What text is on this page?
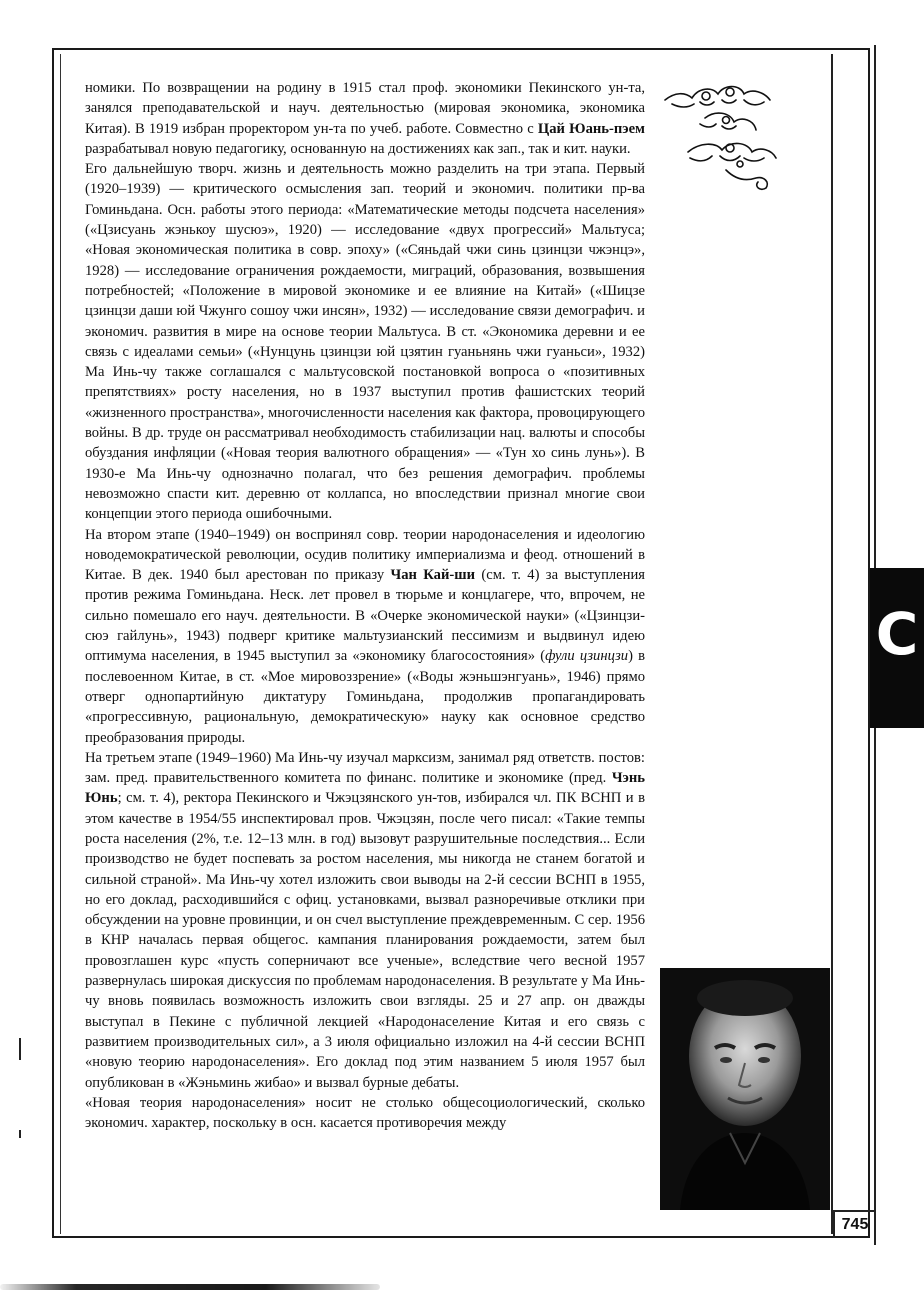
номики. По возвращении на родину в 1915 стал проф. экономики Пекинского ун-та, занялся преподавательской и науч. деятельностью (мировая экономика, экономика Китая). В 1919 избран проректором ун-та по учеб. работе. Совместно с Цай Юань-пэем разрабатывал новую педагогику, основанную на достижениях как зап., так и кит. науки.

Его дальнейшую творч. жизнь и деятельность можно разделить на три этапа. Первый (1920–1939) — критического осмысления зап. теорий и экономич. политики пр-ва Гоминьдана. Осн. работы этого периода: «Математические методы подсчета населения» («Цзисуань жэнькоу шусюэ», 1920) — исследование «двух прогрессий» Мальтуса; «Новая экономическая политика в совр. эпоху» («Сяньдай чжи синь цзинцзи чжэнцэ», 1928) — исследование ограничения рождаемости, миграций, образования, возвышения потребностей; «Положение в мировой экономике и ее влияние на Китай» («Шицзе цзинцзи даши юй Чжунго сошоу чжи инсян», 1932) — исследование связи демографич. и экономич. развития в мире на основе теории Мальтуса. В ст. «Экономика деревни и ее связь с идеалами семьи» («Нунцунь цзинцзи юй цзятин гуаньнянь чжи гуаньси», 1932) Ма Инь-чу также соглашался с мальтусовской постановкой вопроса о «позитивных препятствиях» росту населения, но в 1937 выступил против фашистских теорий «жизненного пространства», многочисленности населения как фактора, провоцирующего войны. В др. труде он рассматривал необходимость стабилизации нац. валюты и способы обуздания инфляции («Новая теория валютного обращения» — «Тун хо синь лунь»). В 1930-е Ма Инь-чу однозначно полагал, что без решения демографич. проблемы невозможно спасти кит. деревню от коллапса, но впоследствии признал многие свои концепции этого периода ошибочными.

На втором этапе (1940–1949) он воспринял совр. теории народонаселения и идеологию новодемократической революции, осудив политику империализма и феод. отношений в Китае. В дек. 1940 был арестован по приказу Чан Кай-ши (см. т. 4) за выступления против режима Гоминьдана. Неск. лет провел в тюрьме и концлагере, что, впрочем, не сильно помешало его науч. деятельности. В «Очерке экономической науки» («Цзинцзи-сюэ гайлунь», 1943) подверг критике мальтузианский пессимизм и выдвинул идею оптимума населения, в 1945 выступил за «экономику благосостояния» (фули цзинцзи) в послевоенном Китае, в ст. «Мое мировоззрение» («Воды жэньшэнгуань», 1946) прямо отверг однопартийную диктатуру Гоминьдана, продолжив пропагандировать «прогрессивную, рациональную, демократическую» науку как основное средство преобразования природы.

На третьем этапе (1949–1960) Ма Инь-чу изучал марксизм, занимал ряд ответств. постов: зам. пред. правительственного комитета по финанс. политике и экономике (пред. Чэнь Юнь; см. т. 4), ректора Пекинского и Чжэцзянского ун-тов, избирался чл. ПК ВСНП и в этом качестве в 1954/55 инспектировал пров. Чжэцзян, после чего писал: «Такие темпы роста населения (2%, т.е. 12–13 млн. в год) вызовут разрушительные последствия... Если производство не будет поспевать за ростом населения, мы никогда не станем богатой и сильной страной». Ма Инь-чу хотел изложить свои выводы на 2-й сессии ВСНП в 1955, но его доклад, расходившийся с офиц. установками, вызвал разноречивые отклики при обсуждении на уровне провинции, и он счел выступление преждевременным. С сер. 1956 в КНР началась первая общегос. кампания планирования рождаемости, затем был провозглашен курс «пусть соперничают все ученые», вследствие чего весной 1957 развернулась широкая дискуссия по проблемам народонаселения. В результате у Ма Инь-чу вновь появилась возможность изложить свои взгляды. 25 и 27 апр. он дважды выступал в Пекине с публичной лекцией «Народонаселение Китая и его связь с развитием производительных сил», а 3 июля официально изложил на 4-й сессии ВСНП «новую теорию народонаселения». Его доклад под этим названием 5 июля 1957 был опубликован в «Жэньминь жибао» и вызвал бурные дебаты.

«Новая теория народонаселения» носит не столько общесоциологический, сколько экономич. характер, поскольку в осн. касается противоречия между

Ⅽ
745
